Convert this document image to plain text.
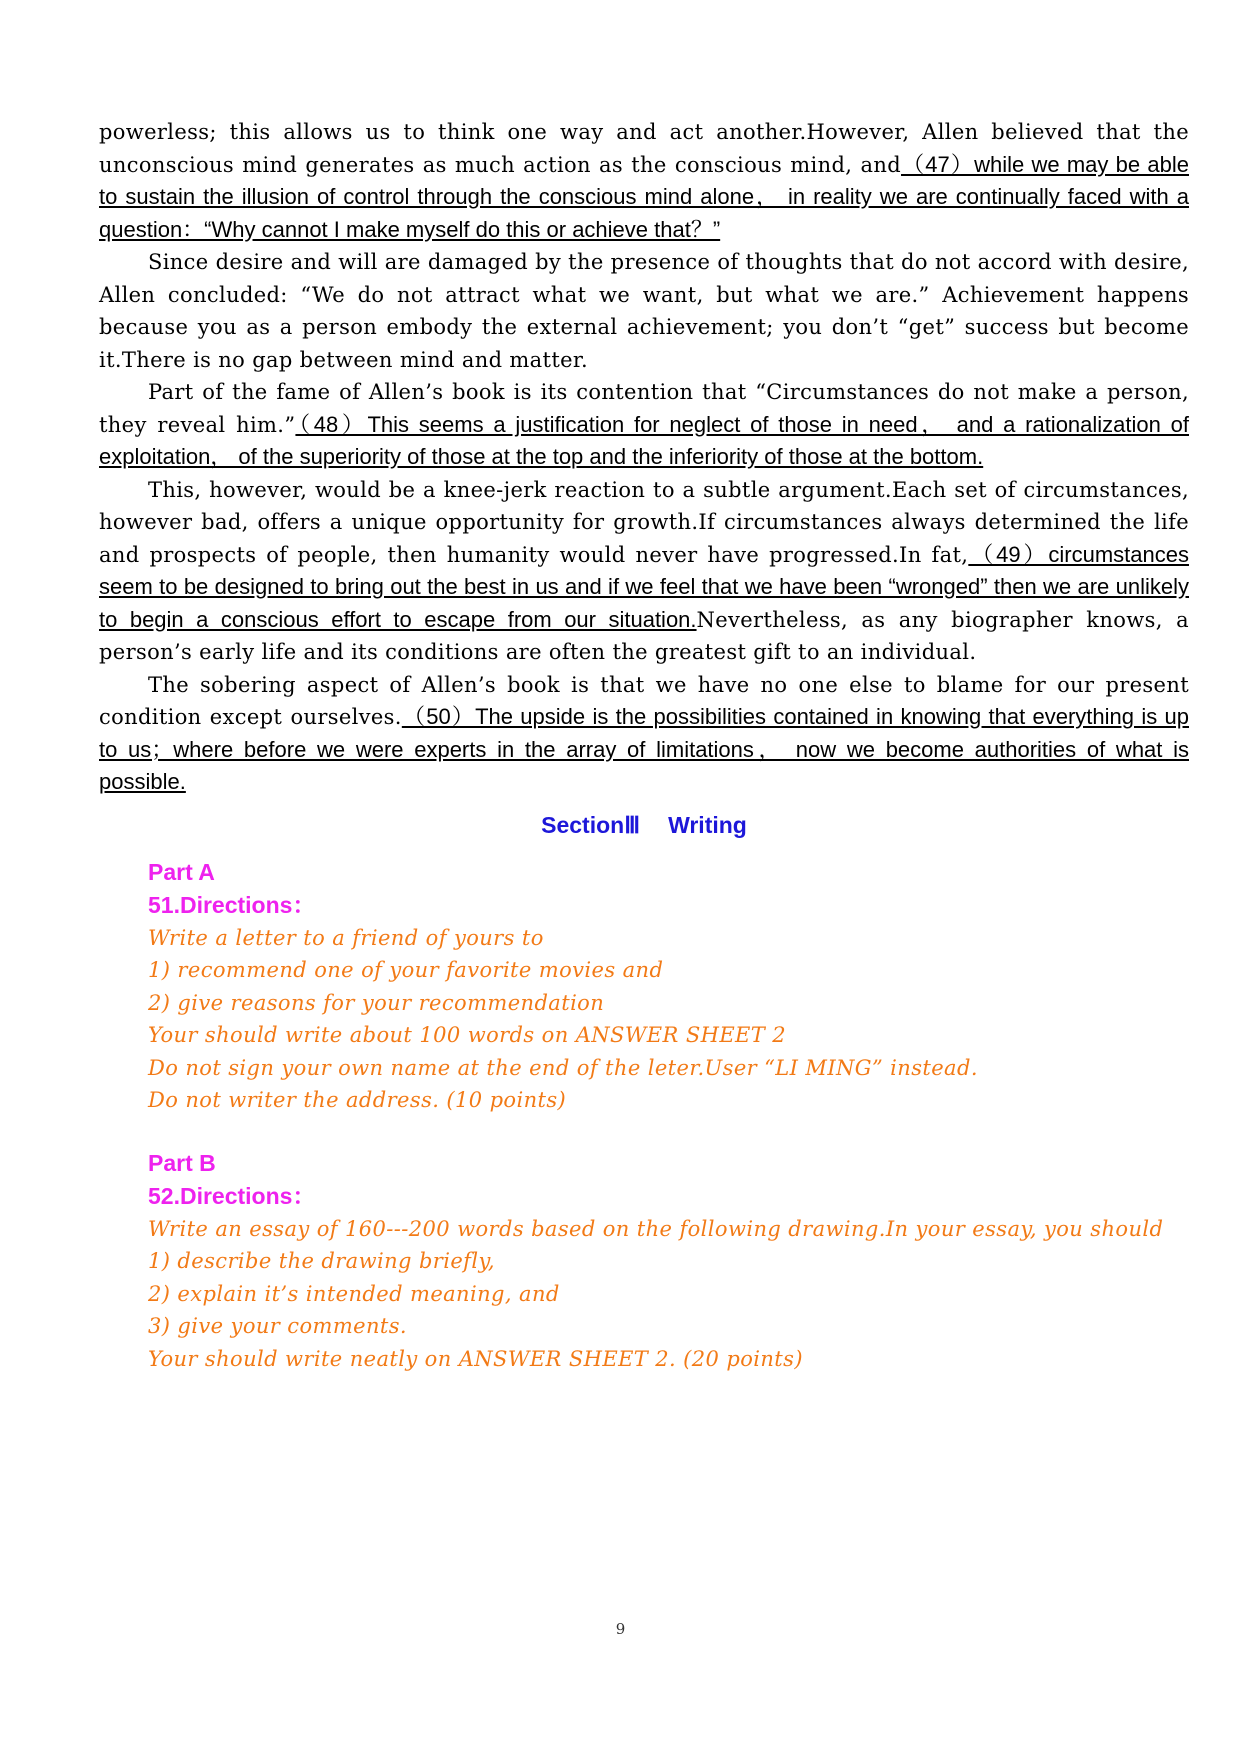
powerless; this allows us to think one way and act another.However, Allen believed that the unconscious mind generates as much action as the conscious mind, and（47）while we may be able to sustain the illusion of control through the conscious mind alone， in reality we are continually faced with a question：“Why cannot I make myself do this or achieve that？”

Since desire and will are damaged by the presence of thoughts that do not accord with desire, Allen concluded: “We do not attract what we want, but what we are.” Achievement happens because you as a person embody the external achievement; you don’t “get” success but become it.There is no gap between mind and matter.

Part of the fame of Allen’s book is its contention that “Circumstances do not make a person, they reveal him.”（48）This seems a justification for neglect of those in need， and a rationalization of exploitation， of the superiority of those at the top and the inferiority of those at the bottom.

This, however, would be a knee-jerk reaction to a subtle argument.Each set of circumstances, however bad, offers a unique opportunity for growth.If circumstances always determined the life and prospects of people, then humanity would never have progressed.In fat,（49）circumstances seem to be designed to bring out the best in us and if we feel that we have been “wronged” then we are unlikely to begin a conscious effort to escape from our situation.Nevertheless, as any biographer knows, a person’s early life and its conditions are often the greatest gift to an individual.

The sobering aspect of Allen’s book is that we have no one else to blame for our present condition except ourselves.（50）The upside is the possibilities contained in knowing that everything is up to us；where before we were experts in the array of limitations， now we become authorities of what is possible.

SectionⅢ Writing
Part A
51.Directions：

Write a letter to a friend of yours to

1) recommend one of your favorite movies and

2) give reasons for your recommendation

Your should write about 100 words on ANSWER SHEET 2

Do not sign your own name at the end of the leter.User “LI MING” instead.

Do not writer the address. (10 points)

Part B
52.Directions：

Write an essay of 160---200 words based on the following drawing.In your essay, you should

1) describe the drawing briefly,

2) explain it’s intended meaning, and

3) give your comments.

Your should write neatly on ANSWER SHEET 2. (20 points)

9
